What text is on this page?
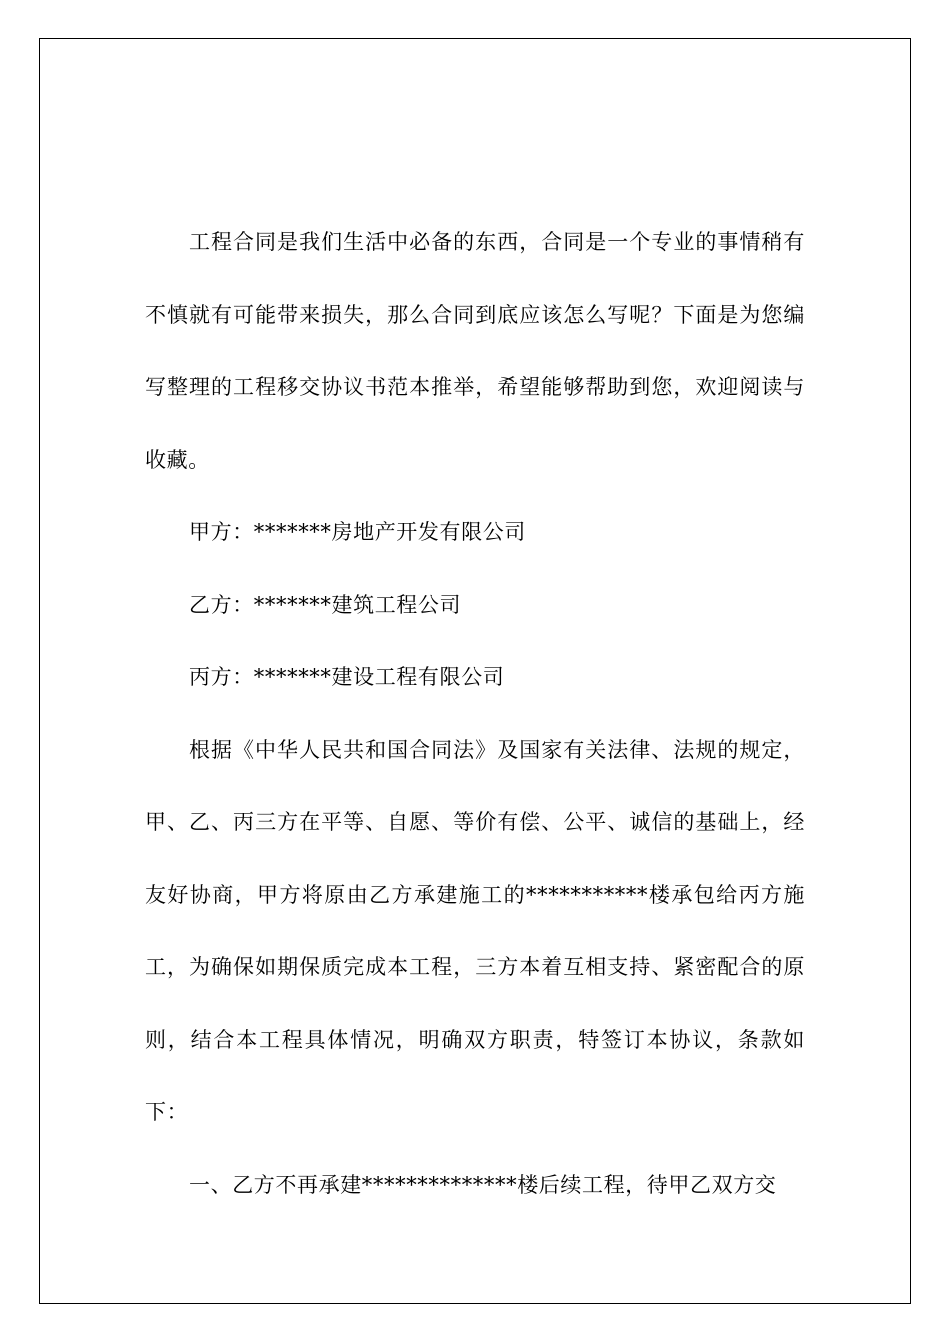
工程合同是我们生活中必备的东西，合同是一个专业的事情稍有不慎就有可能带来损失，那么合同到底应该怎么写呢？下面是为您编写整理的工程移交协议书范本推举，希望能够帮助到您，欢迎阅读与收藏。

甲方：*******房地产开发有限公司

乙方：*******建筑工程公司

丙方：*******建设工程有限公司

根据《中华人民共和国合同法》及国家有关法律、法规的规定，甲、乙、丙三方在平等、自愿、等价有偿、公平、诚信的基础上，经友好协商，甲方将原由乙方承建施工的***********楼承包给丙方施工，为确保如期保质完成本工程，三方本着互相支持、紧密配合的原则，结合本工程具体情况，明确双方职责，特签订本协议，条款如下：

一、乙方不再承建**************楼后续工程，待甲乙双方交
